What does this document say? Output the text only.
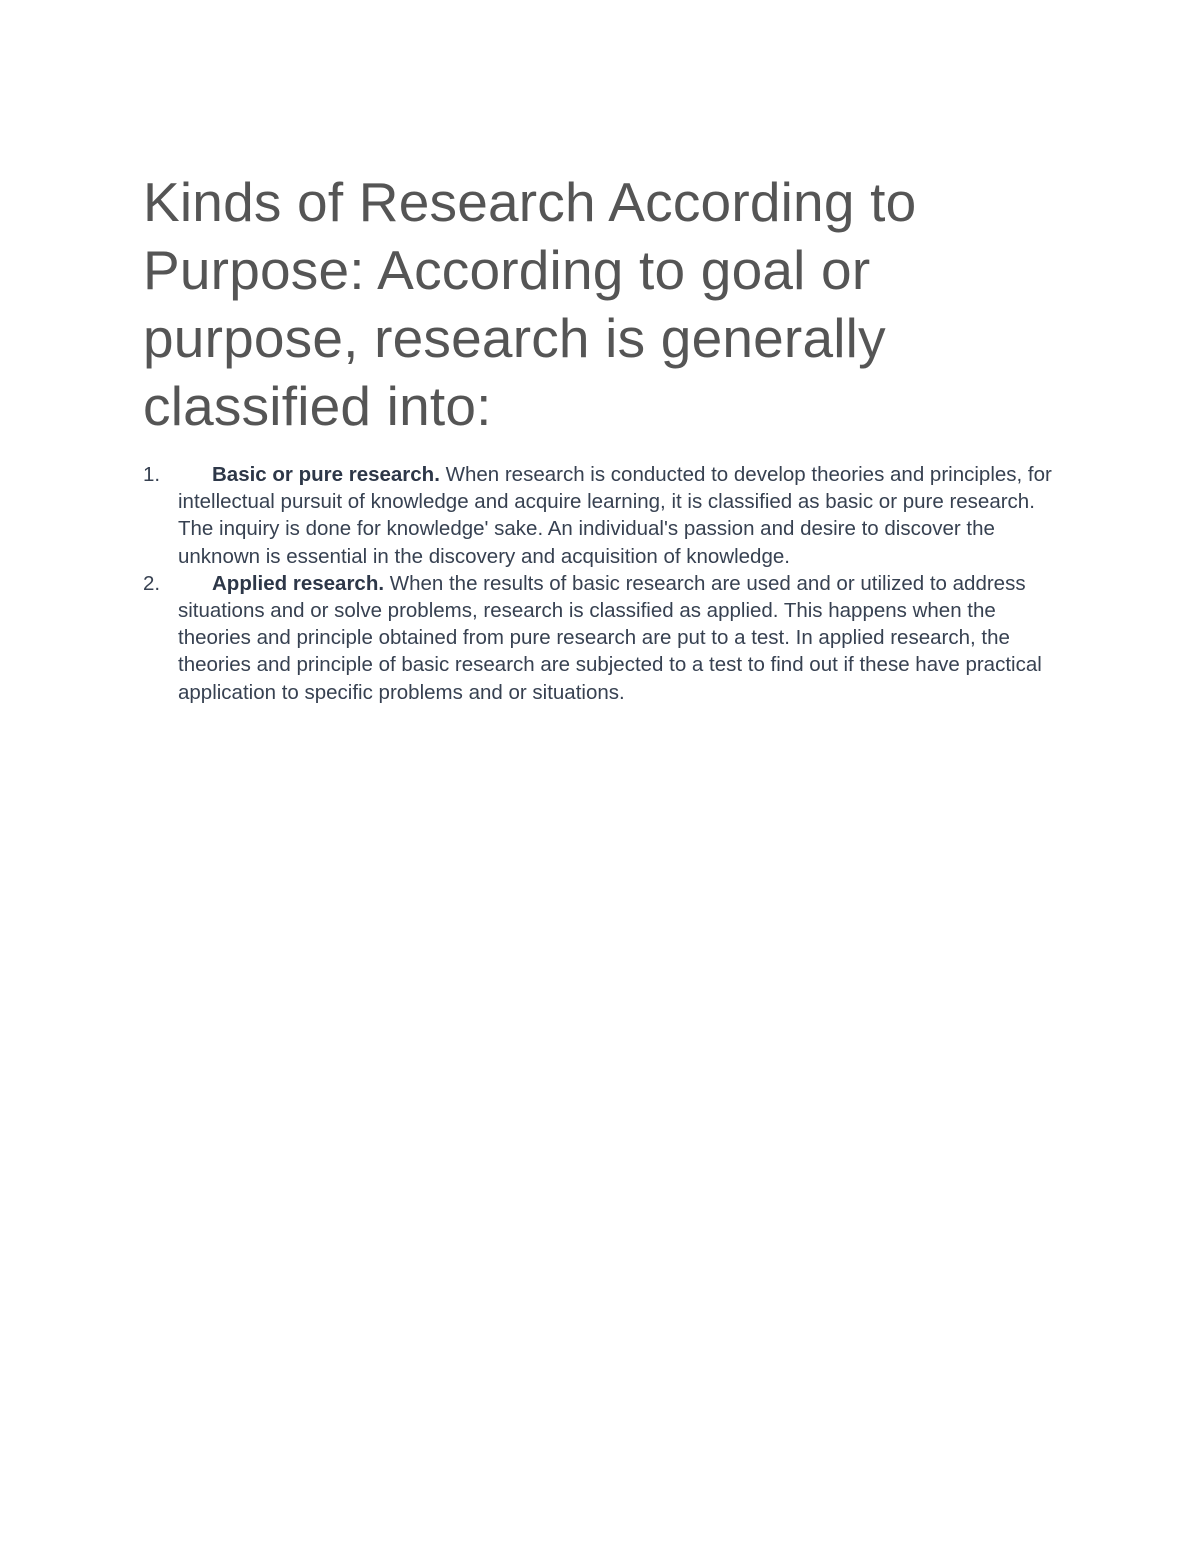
Kinds of Research According to Purpose: According to goal or purpose, research is generally classified into:
1.	Basic or pure research. When research is conducted to develop theories and principles, for intellectual pursuit of knowledge and acquire learning, it is classified as basic or pure research. The inquiry is done for knowledge' sake. An individual's passion and desire to discover the unknown is essential in the discovery and acquisition of knowledge.
2.	Applied research. When the results of basic research are used and or utilized to address situations and or solve problems, research is classified as applied. This happens when the theories and principle obtained from pure research are put to a test. In applied research, the theories and principle of basic research are subjected to a test to find out if these have practical application to specific problems and or situations.
